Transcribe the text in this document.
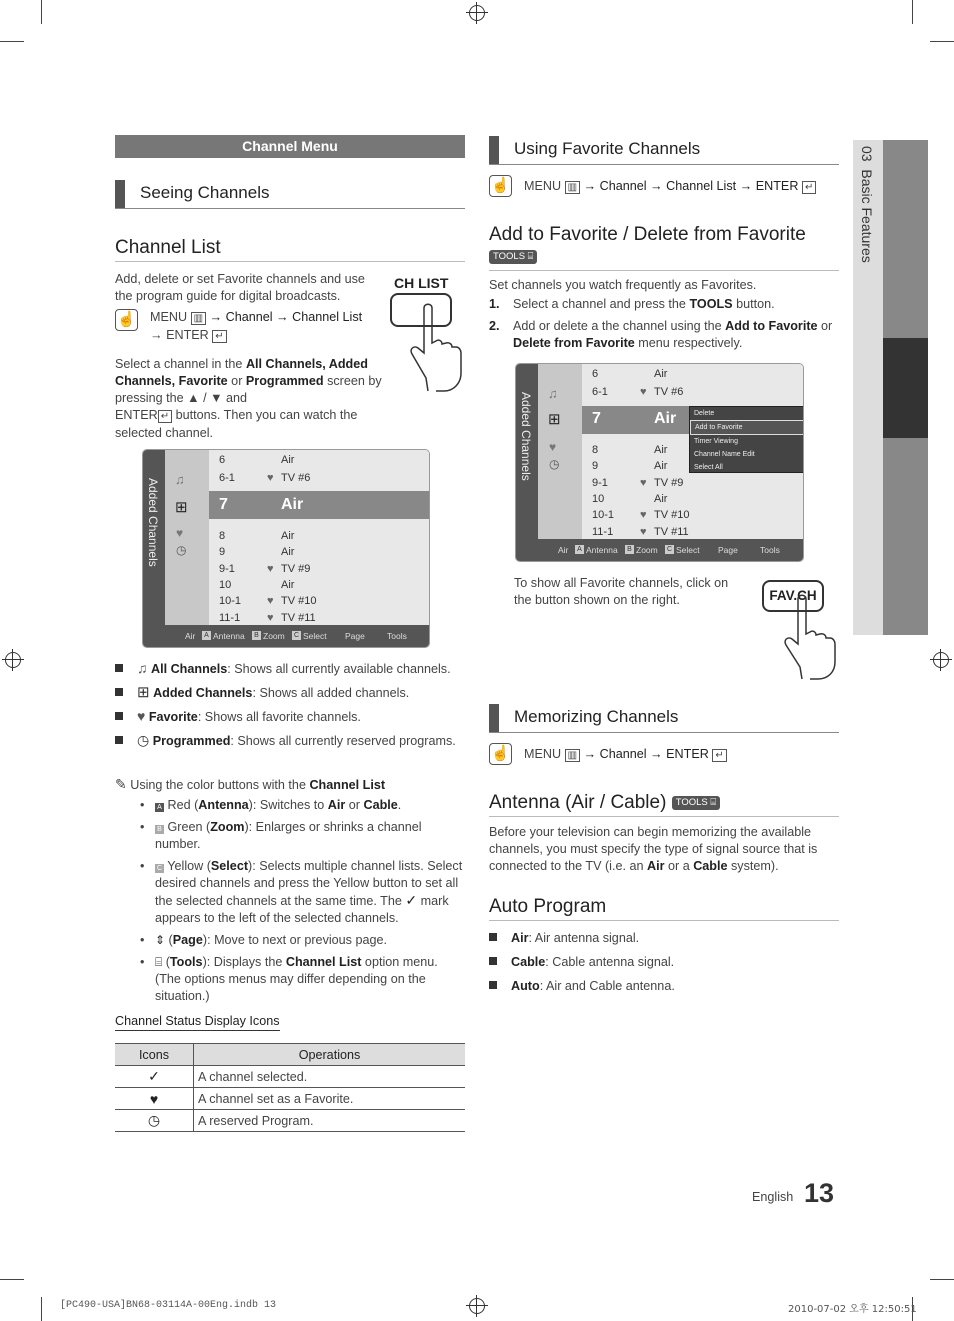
03  Basic Features
Channel Menu
Seeing Channels
Channel List
Add, delete or set Favorite channels and use the program guide for digital broadcasts.
CH LIST
☝
MENU ▥ → Channel → Channel List
→ ENTER ↵
Select a channel in the All Channels, Added Channels, Favorite or Programmed screen by pressing the ▲ / ▼ and
ENTER ↵ buttons. Then you can watch the selected channel.
Added Channels ♫
⊞
♥
◷
6	Air
6-1	♥ TV #6
7	Air
8	Air
9	Air
9-1	♥ TV #9
10	Air
10-1 ♥ TV #10
11-1 ♥ TV #11
Air Antenna Zoom Select Page	Tools
A	B	C
♫ All Channels: Shows all currently available channels.
⊞ Added Channels: Shows all added channels.
♥ Favorite: Shows all favorite channels.
◷ Programmed: Shows all currently reserved programs.
✎ Using the color buttons with the Channel List
• A Red (Antenna): Switches to Air or Cable.
• B Green (Zoom): Enlarges or shrinks a channel number.
• C Yellow (Select): Selects multiple channel lists. Select desired channels and press the Yellow button to set all the selected channels at the same time. The ✓ mark appears to the left of the selected channels.
• ⇕ (Page): Move to next or previous page.
• ⌸ (Tools): Displays the Channel List option menu. (The options menus may differ depending on the situation.)
Channel Status Display Icons
Icons	Operations
✓	A channel selected.
♥	A channel set as a Favorite.
◷	A reserved Program.
Using Favorite Channels
☝
MENU ▥ → Channel → Channel List → ENTER ↵
Add to Favorite / Delete from Favorite
TOOLS ⌸
Set channels you watch frequently as Favorites.
1. Select a channel and press the TOOLS button.
2. Add or delete a the channel using the Add to Favorite or Delete from Favorite menu respectively.
Added Channels ♫
⊞
♥
◷
6	Air
6-1	♥ TV #6
7	Air
8	Air
9	Air
9-1	♥ TV #9
10	Air
10-1 ♥ TV #10
11-1 ♥ TV #11
Delete
Add to Favorite
Timer Viewing
Channel Name Edit
Select All
Air Antenna Zoom Select Page	Tools
A	B	C
To show all Favorite channels, click on the button shown on the right.	FAV.CH
Memorizing Channels
☝
MENU ▥ → Channel → ENTER ↵
Antenna (Air / Cable) TOOLS ⌸
Before your television can begin memorizing the available channels, you must specify the type of signal source that is connected to the TV (i.e. an Air or a Cable system).
Auto Program
Air: Air antenna signal.
Cable: Cable antenna signal.
Auto: Air and Cable antenna.
English 13
[PC490-USA]BN68-03114A-00Eng.indb 13	2010-07-02 오후 12:50:51
